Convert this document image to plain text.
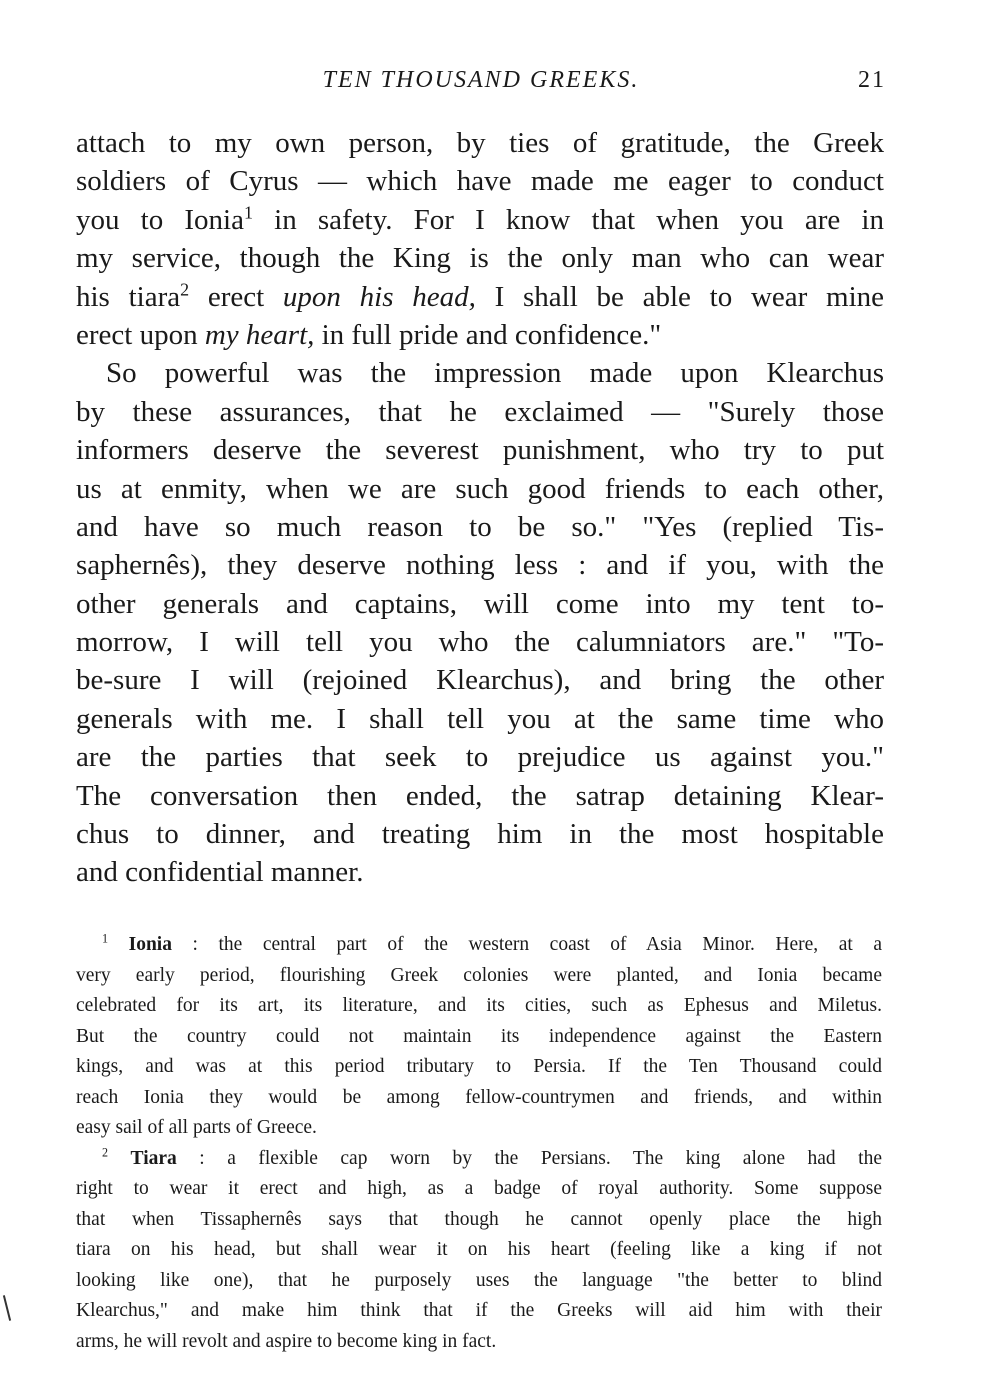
TEN THOUSAND GREEKS.	21
attach to my own person, by ties of gratitude, the Greek
soldiers of Cyrus — which have made me eager to conduct
you to Ionia$^1$ in safety. For I know that when you are in
my service, though the King is the only man who can wear
his tiara$^2$ erect upon his head, I shall be able to wear mine
erect upon my heart, in full pride and confidence."
So powerful was the impression made upon Klearchus
by these assurances, that he exclaimed — "Surely those
informers deserve the severest punishment, who try to put
us at enmity, when we are such good friends to each other,
and have so much reason to be so." "Yes (replied Tis-
saphernês), they deserve nothing less : and if you, with the
other generals and captains, will come into my tent to-
morrow, I will tell you who the calumniators are." "To-
be-sure I will (rejoined Klearchus), and bring the other
generals with me. I shall tell you at the same time who
are the parties that seek to prejudice us against you."
The conversation then ended, the satrap detaining Klear-
chus to dinner, and treating him in the most hospitable
and confidential manner.
$^1$ Ionia : the central part of the western coast of Asia Minor. Here, at a
very early period, flourishing Greek colonies were planted, and Ionia became
celebrated for its art, its literature, and its cities, such as Ephesus and Miletus.
But the country could not maintain its independence against the Eastern
kings, and was at this period tributary to Persia. If the Ten Thousand could
reach Ionia they would be among fellow-countrymen and friends, and within
easy sail of all parts of Greece.
$^2$ Tiara : a flexible cap worn by the Persians. The king alone had the
right to wear it erect and high, as a badge of royal authority. Some suppose
that when Tissaphernês says that though he cannot openly place the high
tiara on his head, but shall wear it on his heart (feeling like a king if not
looking like one), that he purposely uses the language "the better to blind
Klearchus," and make him think that if the Greeks will aid him with their
arms, he will revolt and aspire to become king in fact.
